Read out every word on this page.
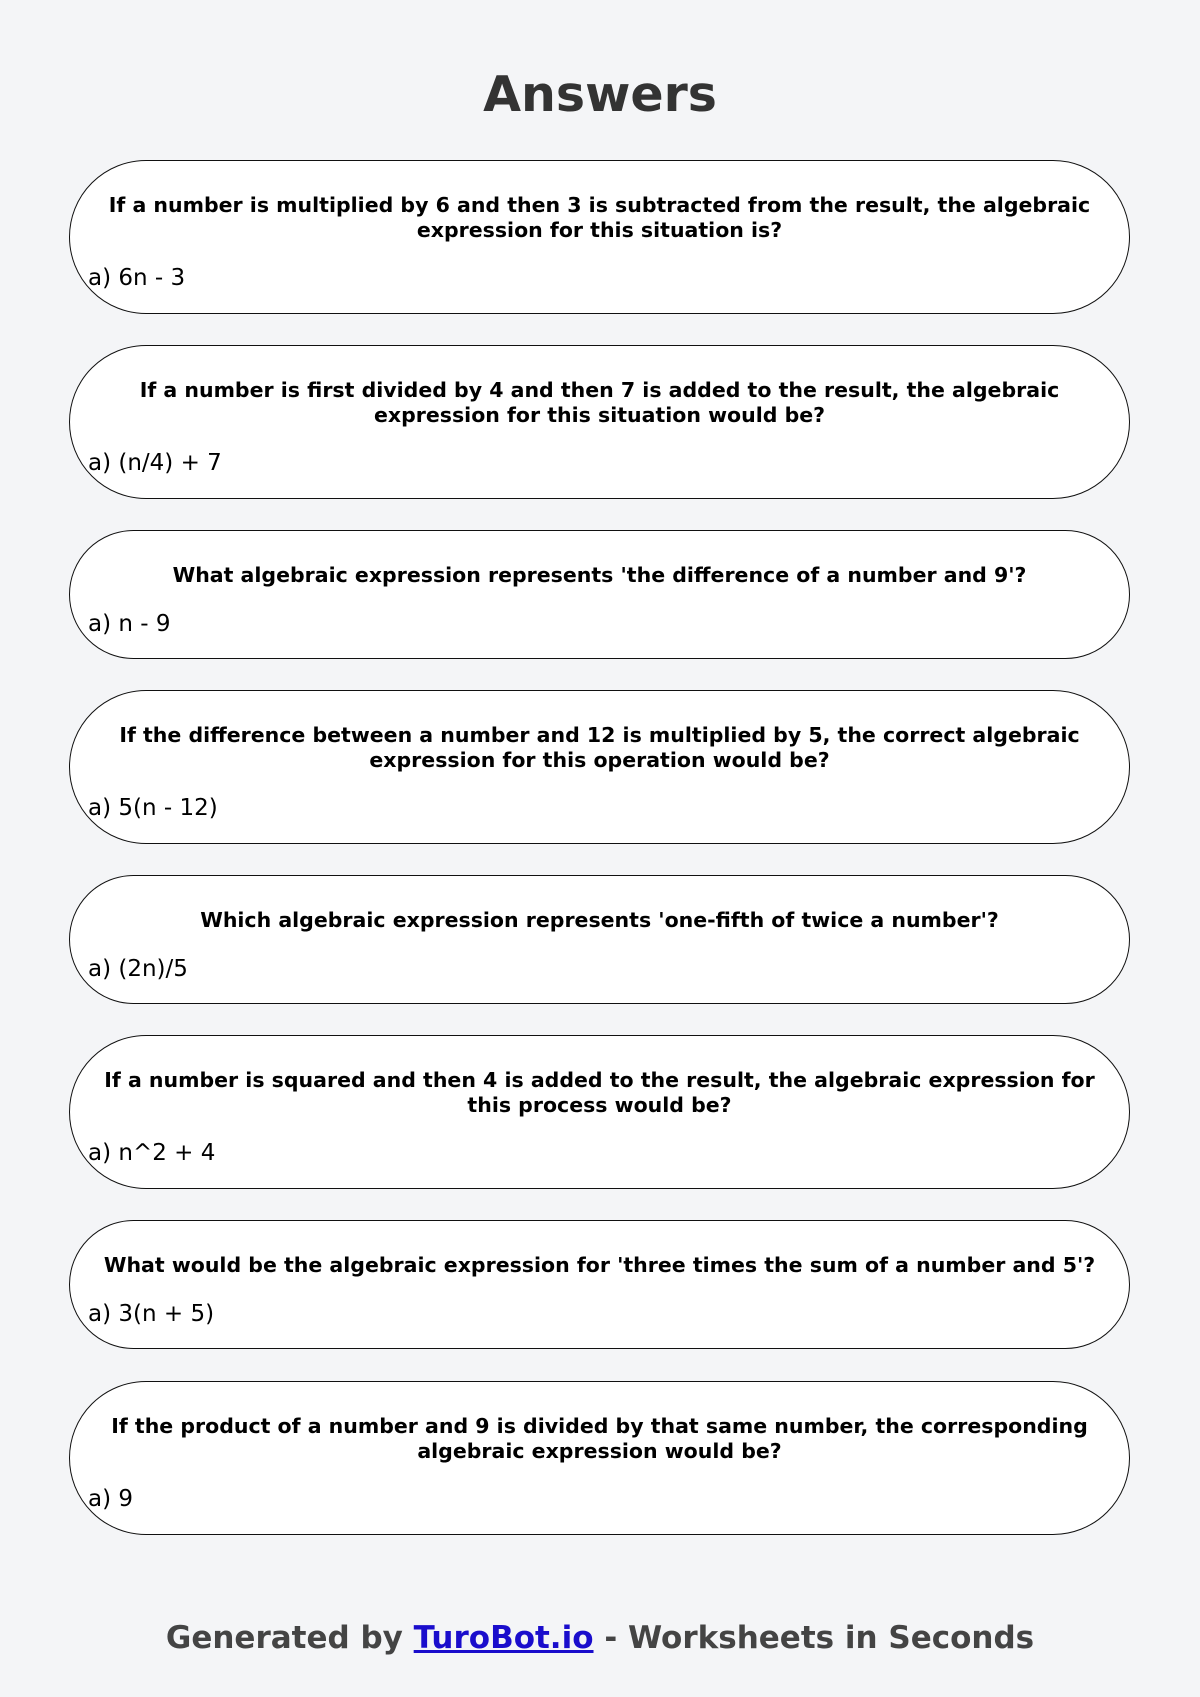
Answers
If a number is multiplied by 6 and then 3 is subtracted from the result, the algebraic expression for this situation is?
a) 6n - 3
If a number is first divided by 4 and then 7 is added to the result, the algebraic expression for this situation would be?
a) (n/4) + 7
What algebraic expression represents 'the difference of a number and 9'?
a) n - 9
If the difference between a number and 12 is multiplied by 5, the correct algebraic expression for this operation would be?
a) 5(n - 12)
Which algebraic expression represents 'one-fifth of twice a number'?
a) (2n)/5
If a number is squared and then 4 is added to the result, the algebraic expression for this process would be?
a) n^2 + 4
What would be the algebraic expression for 'three times the sum of a number and 5'?
a) 3(n + 5)
If the product of a number and 9 is divided by that same number, the corresponding algebraic expression would be?
a) 9
Generated by TuroBot.io - Worksheets in Seconds
